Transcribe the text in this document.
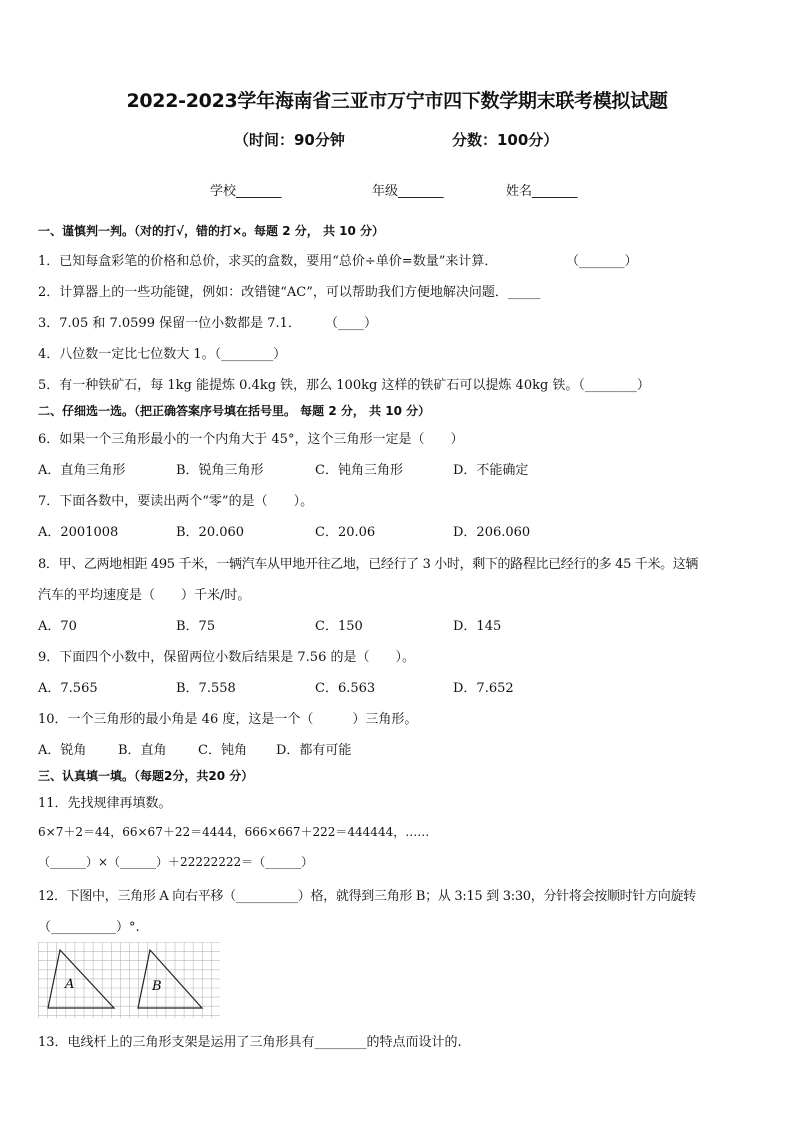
2022-2023学年海南省三亚市万宁市四下数学期末联考模拟试题
（时间：90分钟	分数：100分）
学校_______	年级_______	姓名_______
一、谨慎判一判。（对的打√，错的打×。每题 2 分， 共 10 分）
1．已知每盒彩笔的价格和总价，求买的盒数，要用“总价÷单价=数量”来计算．	（_______）
2．计算器上的一些功能键，例如：改错键“AC”，可以帮助我们方便地解决问题．_____
3．7.05 和 7.0599 保留一位小数都是 7.1． （____）
4．八位数一定比七位数大 1。（________）
5．有一种铁矿石，每 1kg 能提炼 0.4kg 铁，那么 100kg 这样的铁矿石可以提炼 40kg 铁。（________）
二、仔细选一选。（把正确答案序号填在括号里。 每题 2 分， 共 10 分）
6．如果一个三角形最小的一个内角大于 45°，这个三角形一定是（　　）
A．直角三角形	B．锐角三角形	C．钝角三角形	D．不能确定
7．下面各数中，要读出两个“零”的是（　　）。
A．2001008	B．20.060	C．20.06	D．206.060
8．甲、乙两地相距 495 千米，一辆汽车从甲地开往乙地，已经行了 3 小时，剩下的路程比已经行的多 45 千米。这辆
汽车的平均速度是（　　）千米/时。
A．70	B．75	C．150	D．145
9．下面四个小数中，保留两位小数后结果是 7.56 的是（　　）。
A．7.565	B．7.558	C．6.563	D．7.652
10．一个三角形的最小角是 46 度，这是一个（　　　）三角形。
A．锐角 B．直角 C．钝角 D．都有可能
三、认真填一填。（每题2分，共20 分）
11．先找规律再填数。
6×7＋2＝44，66×67＋22＝4444，666×667＋222＝444444，……
（______）×（______）＋22222222＝（______）
12．下图中，三角形 A 向右平移（__________）格，就得到三角形 B；从 3:15 到 3:30，分针将会按顺时针方向旋转
（__________）°.
A	B
13．电线杆上的三角形支架是运用了三角形具有________的特点而设计的.
